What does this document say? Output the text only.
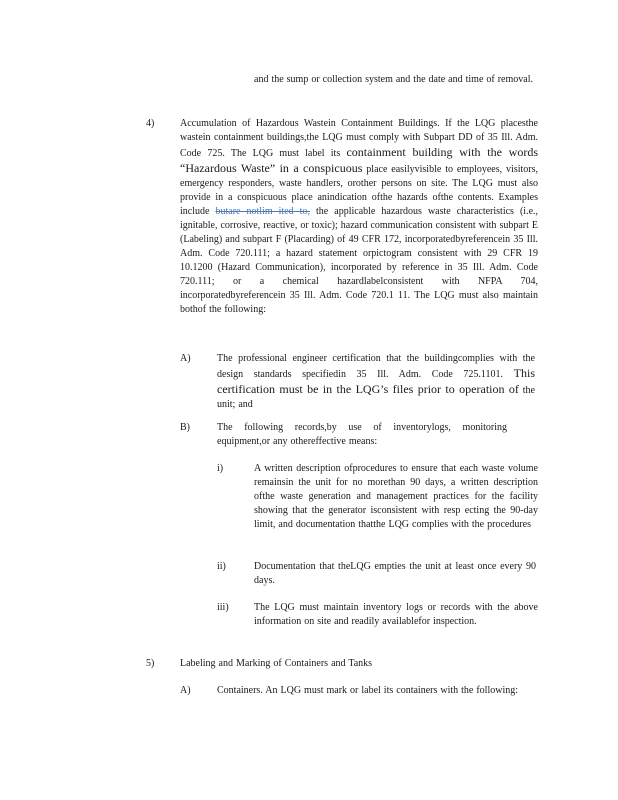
and the sump or collection system and the date and time of removal.
4)	Accumulation of Hazardous Wastein Containment Buildings. If the LQG placesthe wastein containment buildings,the LQG must comply with Subpart DD of 35 Ill. Adm. Code 725. The LQG must label its containment building with the words “Hazardous Waste” in a conspicuous place easilyvisible to employees, visitors, emergency responders, waste handlers, orother persons on site. The LQG must also provide in a conspicuous place anindication ofthe hazards ofthe contents. Examples include butare notlim ited to, the applicable hazardous waste characteristics (i.e., ignitable, corrosive, reactive, or toxic); hazard communication consistent with subpart E (Labeling) and subpart F (Placarding) of 49 CFR 172, incorporatedbyreferencein 35 Ill. Adm. Code 720.111; a hazard statement orpictogram consistent with 29 CFR 19 10.1200 (Hazard Communication), incorporated by reference in 35 Ill. Adm. Code 720.111; or a chemical hazardlabelconsistent with NFPA 704, incorporatedbyreferencein 35 Ill. Adm. Code 720.1 11. The LQG must also maintain bothof the following:
A)	The professional engineer certification that the buildingcomplies with the design standards specifiedin 35 Ill. Adm. Code 725.1101. This certification must be in the LQG’s files prior to operation of the unit; and
B)	The following records,by use of inventorylogs, monitoring equipment,or any othereffective means:
i)	A written description ofprocedures to ensure that each waste volume remainsin the unit for no morethan 90 days, a written description ofthe waste generation and management practices for the facility showing that the generator isconsistent with resp ecting the 90-day limit, and documentation thatthe LQG complies with the procedures
ii)	Documentation that theLQG empties the unit at least once every 90 days.
iii)	The LQG must maintain inventory logs or records with the above information on site and readily availablefor inspection.
5)	Labeling and Marking of Containers and Tanks
A)	Containers. An LQG must mark or label its containers with the following:
